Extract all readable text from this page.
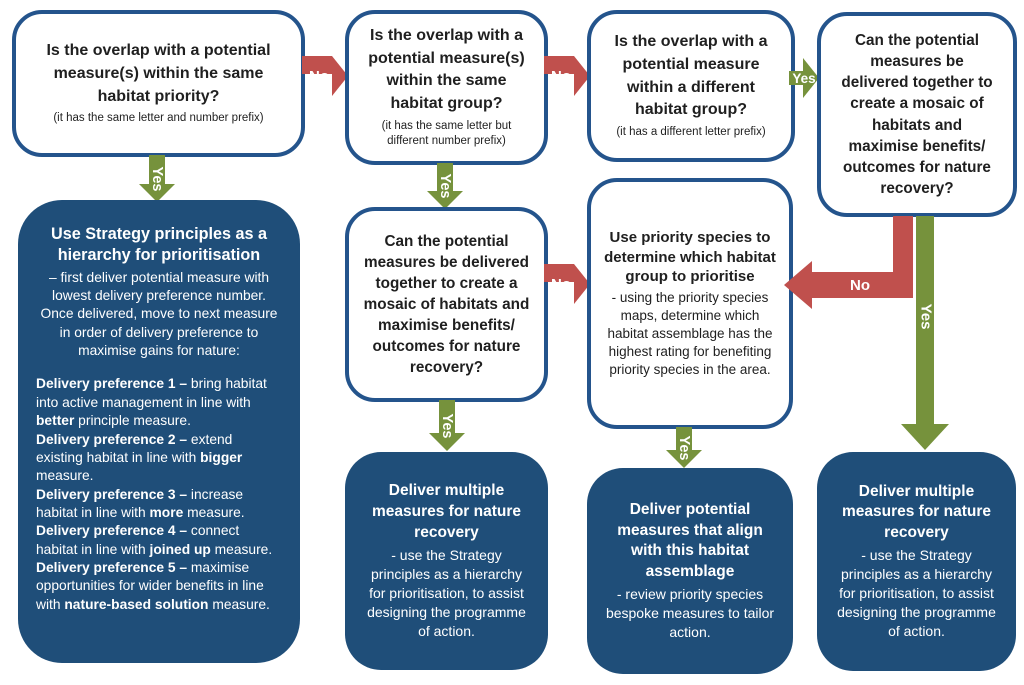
Is the overlap with a potential measure(s) within the same habitat priority?
(it has the same letter and number prefix)
No
Is the overlap with a potential measure(s) within the same habitat group?
(it has the same letter but different number prefix)
No
Is the overlap with a potential measure within a different habitat group?
(it has a different letter prefix)
Yes
Can the potential measures be delivered together to create a mosaic of habitats and maximise benefits/ outcomes for nature recovery?
Yes	Yes
Use Strategy principles as a hierarchy for prioritisation
– first deliver potential measure with lowest delivery preference number. Once delivered, move to next measure in order of delivery preference to maximise gains for nature:

Delivery preference 1 – bring habitat into active management in line with better principle measure.

Delivery preference 2 – extend existing habitat in line with bigger measure.

Delivery preference 3 – increase habitat in line with more measure.

Delivery preference 4 – connect habitat in line with joined up measure.

Delivery preference 5 – maximise opportunities for wider benefits in line with nature-based solution measure.

Can the potential measures be delivered together to create a mosaic of habitats and maximise benefits/ outcomes for nature recovery?
No
Use priority species to determine which habitat group to prioritise
- using the priority species maps, determine which habitat assemblage has the highest rating for benefiting priority species in the area.
No
Yes
Yes
Yes
Deliver multiple measures for nature recovery
- use the Strategy principles as a hierarchy for prioritisation, to assist designing the programme of action.
Deliver potential measures that align with this habitat assemblage
- review priority species bespoke measures to tailor action.
Deliver multiple measures for nature recovery
- use the Strategy principles as a hierarchy for prioritisation, to assist designing the programme of action.
